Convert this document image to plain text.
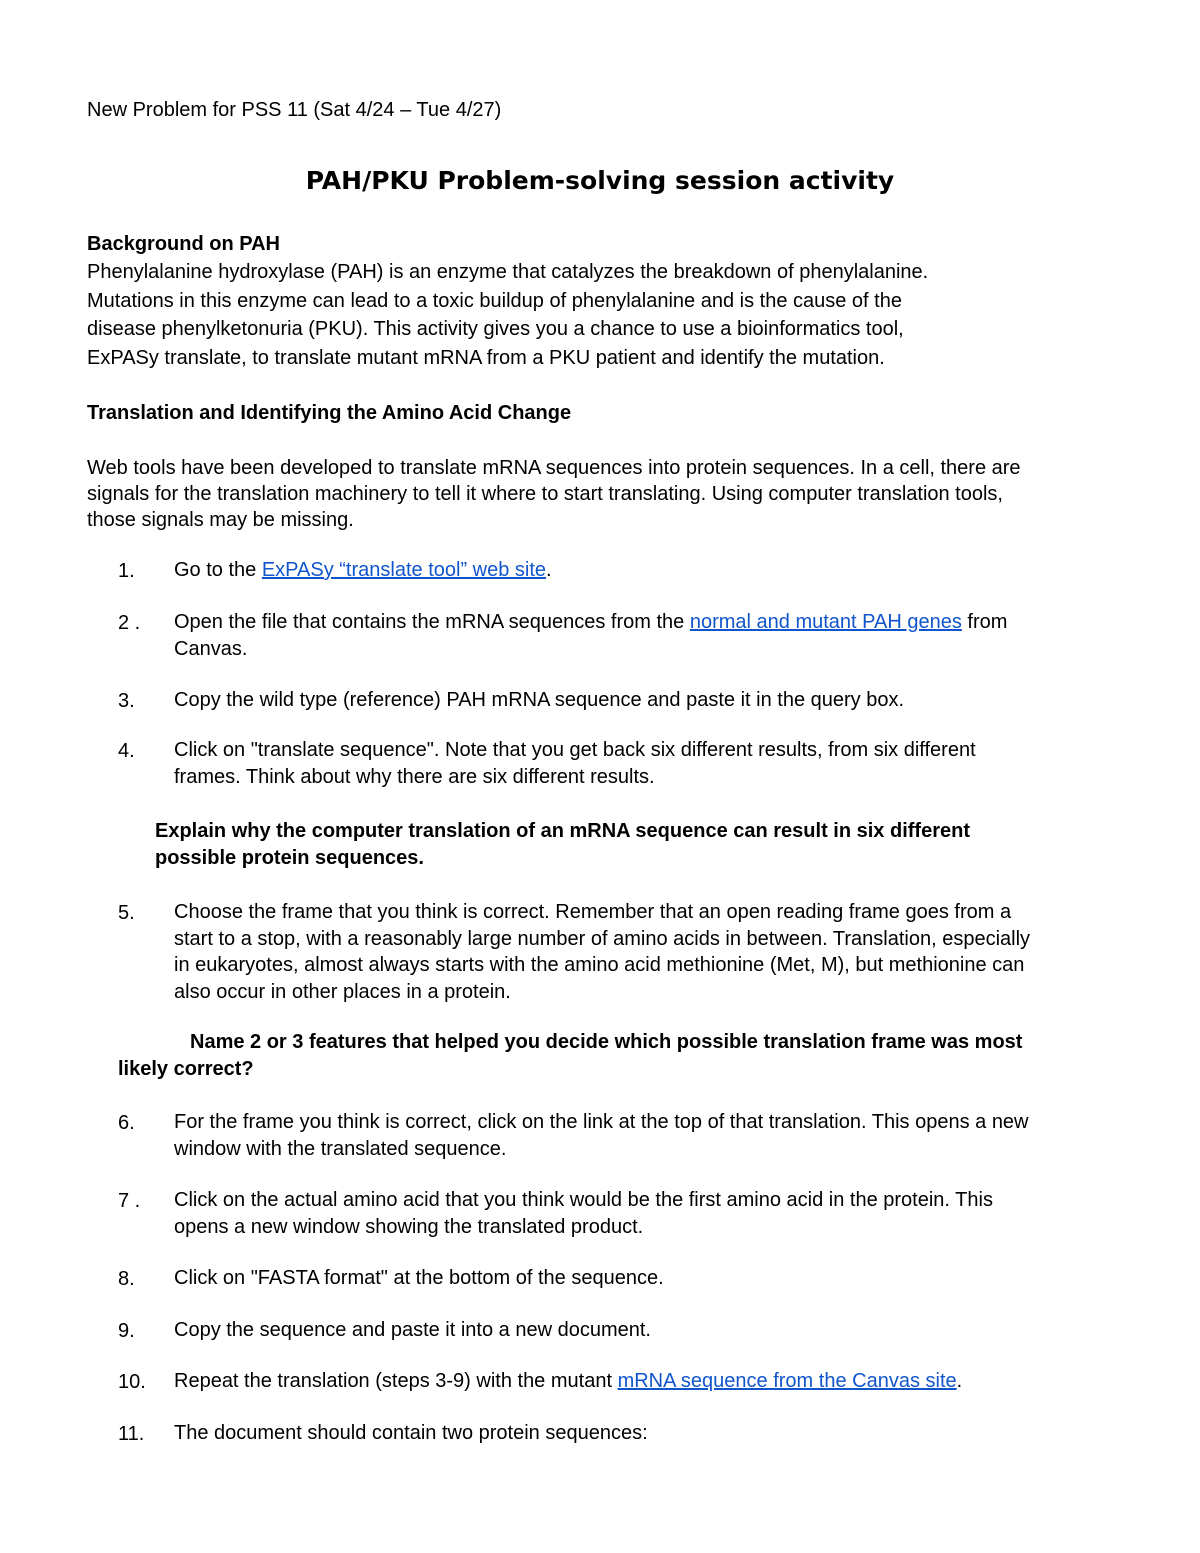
New Problem for PSS 11 (Sat 4/24 – Tue 4/27)
PAH/PKU Problem-solving session activity
Background on PAH
Phenylalanine hydroxylase (PAH) is an enzyme that catalyzes the breakdown of phenylalanine.
Mutations in this enzyme can lead to a toxic buildup of phenylalanine and is the cause of the
disease phenylketonuria (PKU). This activity gives you a chance to use a bioinformatics tool,
ExPASy translate, to translate mutant mRNA from a PKU patient and identify the mutation.
Translation and Identifying the Amino Acid Change
Web tools have been developed to translate mRNA sequences into protein sequences. In a cell, there are
signals for the translation machinery to tell it where to start translating. Using computer translation tools,
those signals may be missing.
1. Go to the ExPASy “translate tool” web site.
2 . Open the file that contains the mRNA sequences from the normal and mutant PAH genes from
Canvas.
3. Copy the wild type (reference) PAH mRNA sequence and paste it in the query box.
4. Click on "translate sequence". Note that you get back six different results, from six different
frames. Think about why there are six different results.
Explain why the computer translation of an mRNA sequence can result in six different
possible protein sequences.
5. Choose the frame that you think is correct. Remember that an open reading frame goes from a
start to a stop, with a reasonably large number of amino acids in between. Translation, especially
in eukaryotes, almost always starts with the amino acid methionine (Met, M), but methionine can
also occur in other places in a protein.
Name 2 or 3 features that helped you decide which possible translation frame was most
likely correct?
6. For the frame you think is correct, click on the link at the top of that translation. This opens a new
window with the translated sequence.
7 . Click on the actual amino acid that you think would be the first amino acid in the protein. This
opens a new window showing the translated product.
8. Click on "FASTA format" at the bottom of the sequence.
9. Copy the sequence and paste it into a new document.
10. Repeat the translation (steps 3-9) with the mutant mRNA sequence from the Canvas site.
11. The document should contain two protein sequences:
